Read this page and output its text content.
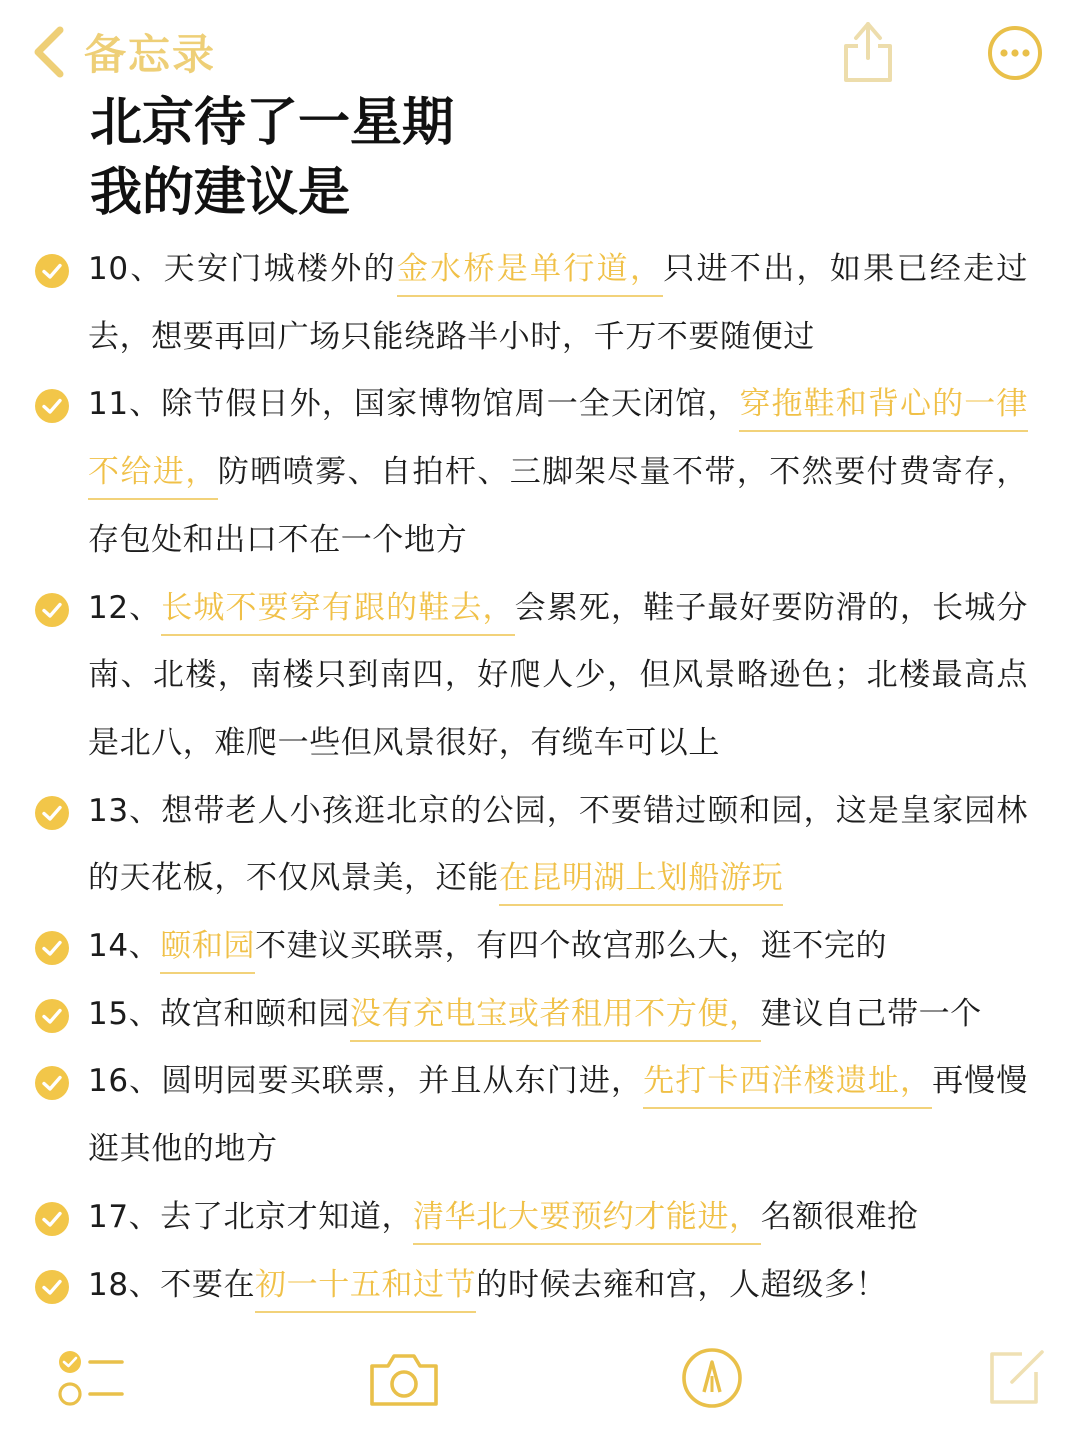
备忘录
北京待了一星期
我的建议是
10、天安门城楼外的金水桥是单行道，只进不出，如果已经走过去，想要再回广场只能绕路半小时，千万不要随便过
11、除节假日外，国家博物馆周一全天闭馆，穿拖鞋和背心的一律不给进，防晒喷雾、自拍杆、三脚架尽量不带，不然要付费寄存，存包处和出口不在一个地方
12、长城不要穿有跟的鞋去，会累死，鞋子最好要防滑的，长城分南、北楼，南楼只到南四，好爬人少，但风景略逊色；北楼最高点是北八，难爬一些但风景很好，有缆车可以上
13、想带老人小孩逛北京的公园，不要错过颐和园，这是皇家园林的天花板，不仅风景美，还能在昆明湖上划船游玩
14、颐和园不建议买联票，有四个故宫那么大，逛不完的
15、故宫和颐和园没有充电宝或者租用不方便，建议自己带一个
16、圆明园要买联票，并且从东门进，先打卡西洋楼遗址，再慢慢逛其他的地方
17、去了北京才知道，清华北大要预约才能进，名额很难抢
18、不要在初一十五和过节的时候去雍和宫，人超级多！
